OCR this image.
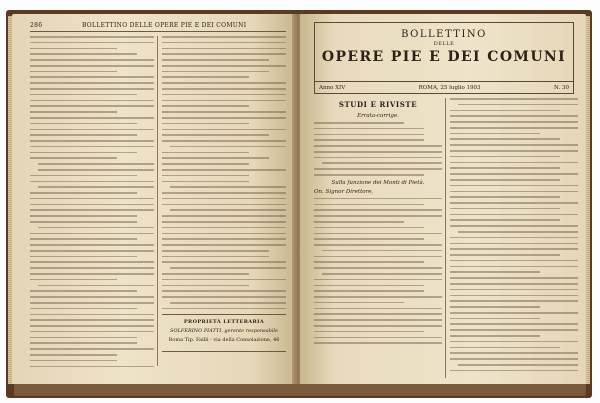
286	BOLLETTINO DELLE OPERE PIE E DEI COMUNI
PROPRIETÀ LETTERARIA
SOLFERINO PIATTI, gerente responsabile
Roma Tip. Failli - via della Consolazione, 46
BOLLETTINO
DELLE
OPERE PIE E DEI COMUNI
Anno XIV	ROMA, 25 luglio 1903	N. 30
STUDI E RIVISTE
Errata-corrige.
Sulla funzione dei Monti di Pietà.
On. Signor Direttore,
